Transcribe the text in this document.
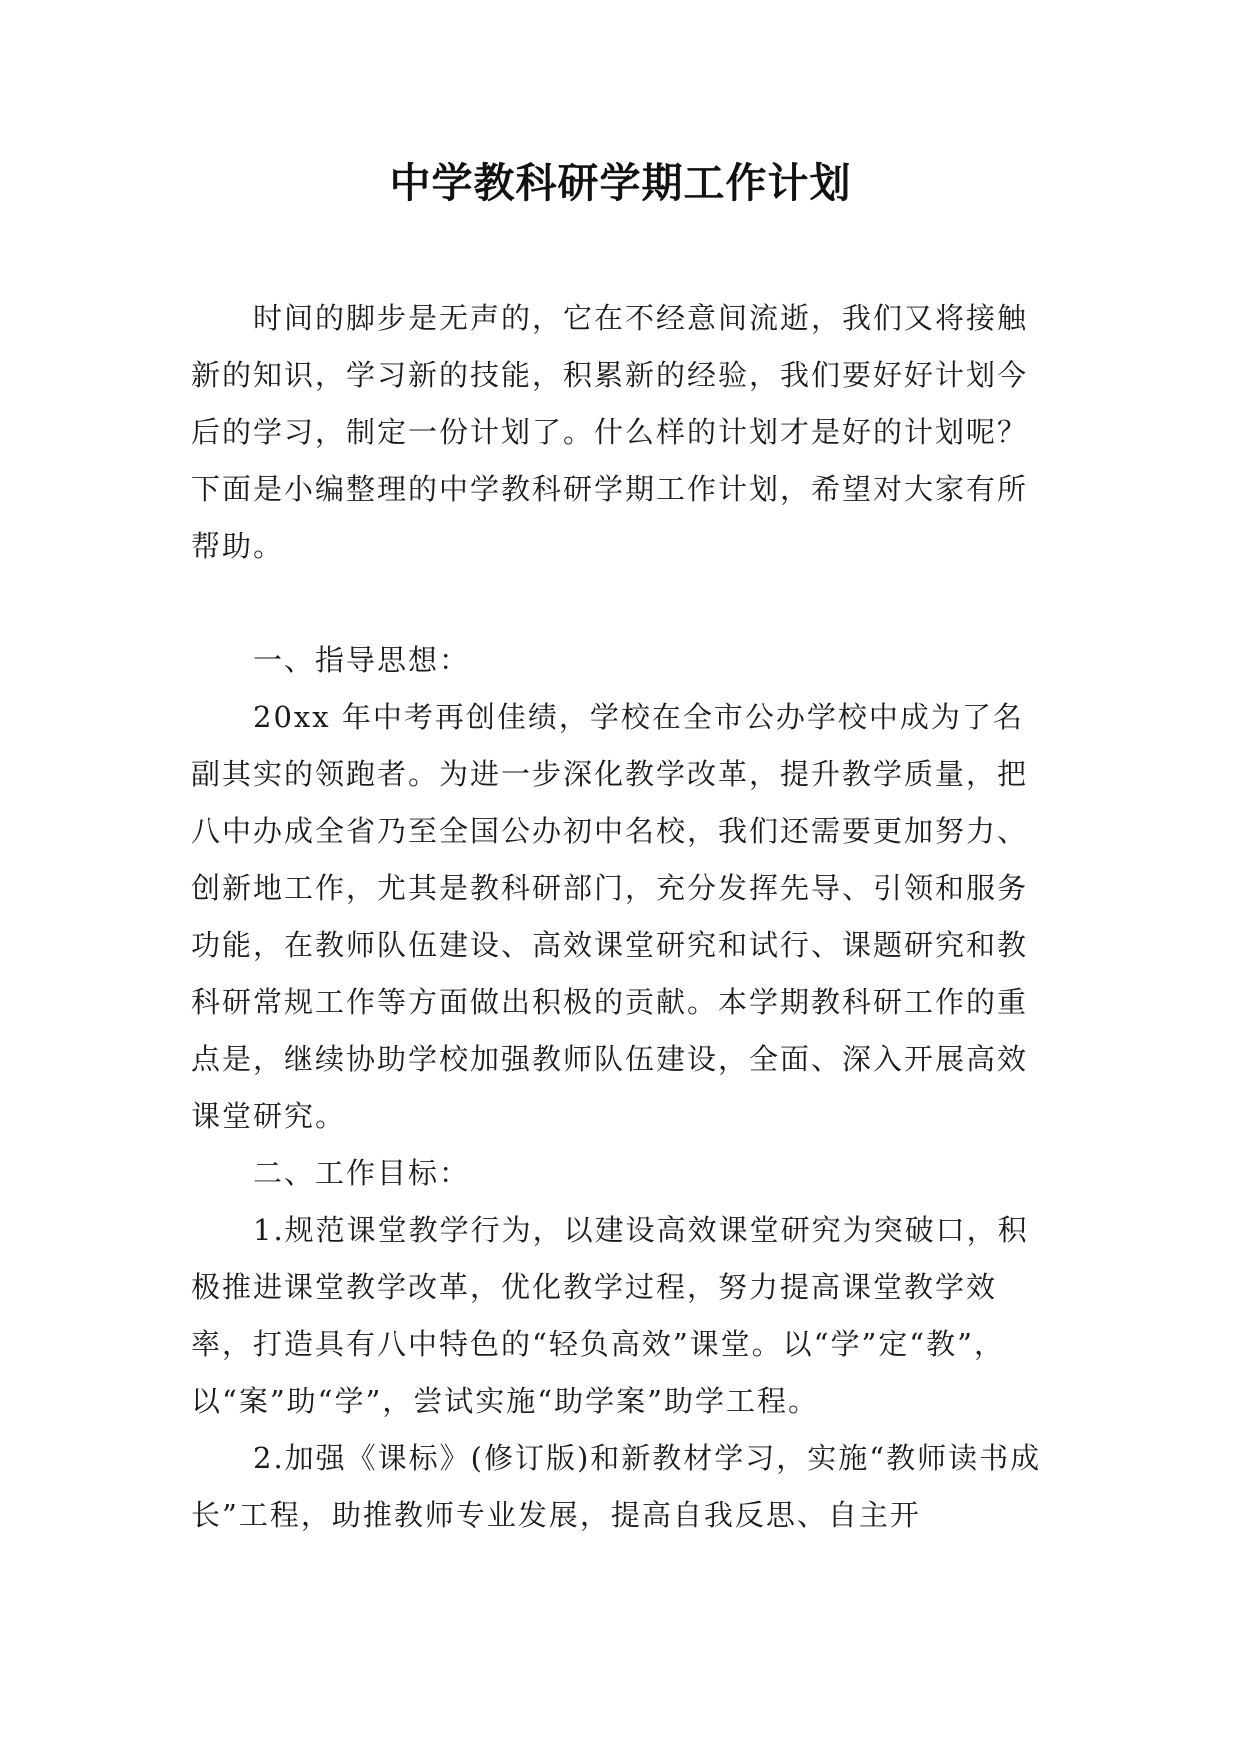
中学教科研学期工作计划

时间的脚步是无声的，它在不经意间流逝，我们又将接触新的知识，学习新的技能，积累新的经验，我们要好好计划今后的学习，制定一份计划了。什么样的计划才是好的计划呢？下面是小编整理的中学教科研学期工作计划，希望对大家有所帮助。

一、指导思想：

20xx 年中考再创佳绩，学校在全市公办学校中成为了名副其实的领跑者。为进一步深化教学改革，提升教学质量，把八中办成全省乃至全国公办初中名校，我们还需要更加努力、创新地工作，尤其是教科研部门，充分发挥先导、引领和服务功能，在教师队伍建设、高效课堂研究和试行、课题研究和教科研常规工作等方面做出积极的贡献。本学期教科研工作的重点是，继续协助学校加强教师队伍建设，全面、深入开展高效课堂研究。

二、工作目标：

1.规范课堂教学行为，以建设高效课堂研究为突破口，积极推进课堂教学改革，优化教学过程，努力提高课堂教学效率，打造具有八中特色的“轻负高效”课堂。以“学”定“教”，以“案”助“学”，尝试实施“助学案”助学工程。

2.加强《课标》(修订版)和新教材学习，实施“教师读书成长”工程，助推教师专业发展，提高自我反思、自主开
